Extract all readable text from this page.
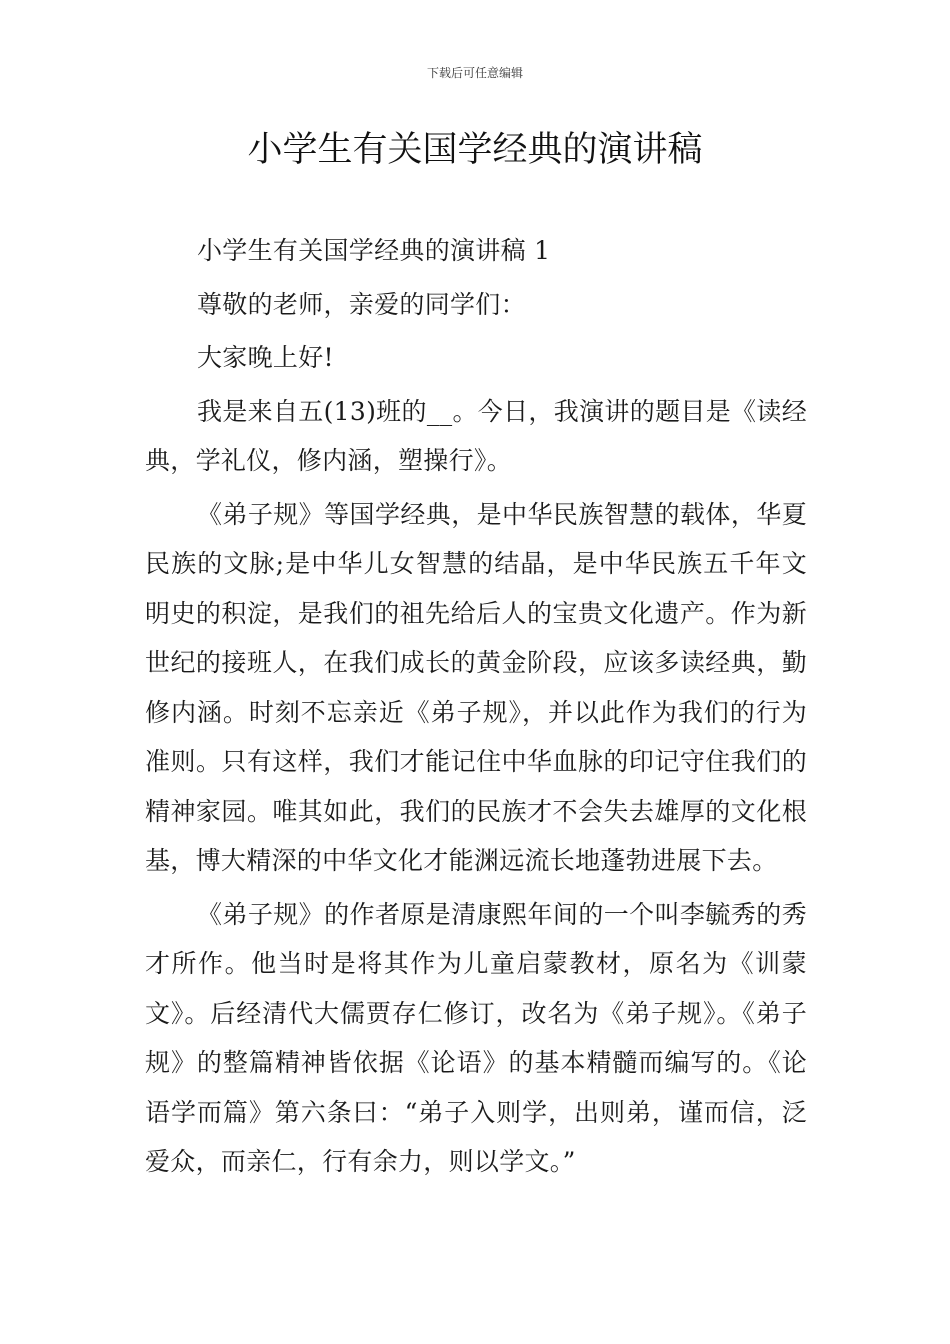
下载后可任意编辑
小学生有关国学经典的演讲稿

小学生有关国学经典的演讲稿 1

尊敬的老师，亲爱的同学们：

大家晚上好!

我是来自五(13)班的__。今日，我演讲的题目是《读经典，学礼仪，修内涵，塑操行》。

《弟子规》等国学经典，是中华民族智慧的载体，华夏民族的文脉;是中华儿女智慧的结晶，是中华民族五千年文明史的积淀，是我们的祖先给后人的宝贵文化遗产。作为新世纪的接班人，在我们成长的黄金阶段，应该多读经典，勤修内涵。时刻不忘亲近《弟子规》，并以此作为我们的行为准则。只有这样，我们才能记住中华血脉的印记守住我们的精神家园。唯其如此，我们的民族才不会失去雄厚的文化根基，博大精深的中华文化才能渊远流长地蓬勃进展下去。

《弟子规》的作者原是清康熙年间的一个叫李毓秀的秀才所作。他当时是将其作为儿童启蒙教材，原名为《训蒙文》。后经清代大儒贾存仁修订，改名为《弟子规》。《弟子规》的整篇精神皆依据《论语》的基本精髓而编写的。《论语学而篇》第六条曰：“弟子入则学，出则弟，谨而信，泛爱众，而亲仁，行有余力，则以学文。”
